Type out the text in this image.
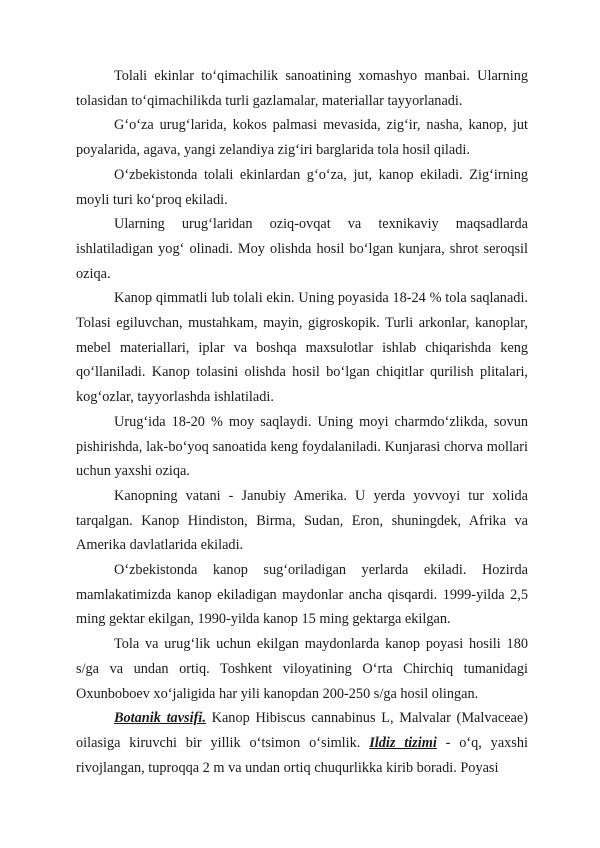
Tolali ekinlar to‘qimachilik sanoatining xomashyo manbai. Ularning tolasidan to‘qimachilikda turli gazlamalar, materiallar tayyorlanadi.

G‘o‘za urug‘larida, kokos palmasi mevasida, zig‘ir, nasha, kanop, jut poyalarida, agava, yangi zelandiya zig‘iri barglarida tola hosil qiladi.

O‘zbekistonda tolali ekinlardan g‘o‘za, jut, kanop ekiladi. Zig‘irning moyli turi ko‘proq ekiladi.

Ularning urug‘laridan oziq-ovqat va texnikaviy maqsadlarda ishlatiladigan yog‘ olinadi. Moy olishda hosil bo‘lgan kunjara, shrot seroqsil oziqa.

Kanop qimmatli lub tolali ekin. Uning poyasida 18-24 % tola saqlanadi. Tolasi egiluvchan, mustahkam, mayin, gigroskopik. Turli arkonlar, kanoplar, mebel materiallari, iplar va boshqa maxsulotlar ishlab chiqarishda keng qo‘llaniladi. Kanop tolasini olishda hosil bo‘lgan chiqitlar qurilish plitalari, kog‘ozlar, tayyorlashda ishlatiladi.

Urug‘ida 18-20 % moy saqlaydi. Uning moyi charmdo‘zlikda, sovun pishirishda, lak-bo‘yoq sanoatida keng foydalaniladi. Kunjarasi chorva mollari uchun yaxshi oziqa.

Kanopning vatani - Janubiy Amerika. U yerda yovvoyi tur xolida tarqalgan. Kanop Hindiston, Birma, Sudan, Eron, shuningdek, Afrika va Amerika davlatlarida ekiladi.

O‘zbekistonda kanop sug‘oriladigan yerlarda ekiladi. Hozirda mamlakatimizda kanop ekiladigan maydonlar ancha qisqardi. 1999-yilda 2,5 ming gektar ekilgan, 1990-yilda kanop 15 ming gektarga ekilgan.

Tola va urug‘lik uchun ekilgan maydonlarda kanop poyasi hosili 180 s/ga va undan ortiq. Toshkent viloyatining O‘rta Chirchiq tumanidagi Oxunboboev xo‘jaligida har yili kanopdan 200-250 s/ga hosil olingan.

Botanik tavsifi. Kanop Hibiscus cannabinus L, Malvalar (Malvaceae) oilasiga kiruvchi bir yillik o‘tsimon o‘simlik. Ildiz tizimi - o‘q, yaxshi rivojlangan, tuproqqa 2 m va undan ortiq chuqurlikka kirib boradi. Poyasi
